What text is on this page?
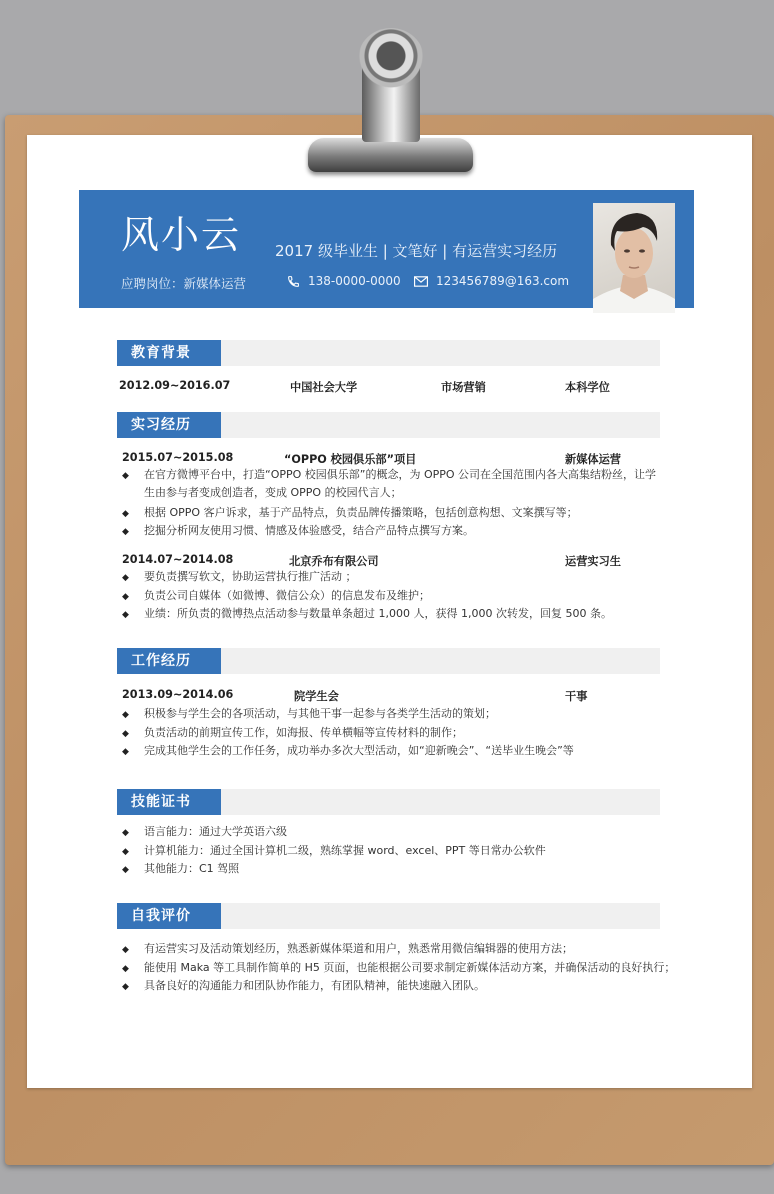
风小云 2017 级毕业生 | 文笔好 | 有运营实习经历
应聘岗位：新媒体运营	138-0000-0000	123456789@163.com
教育背景
2012.09~2016.07	中国社会大学	市场营销	本科学位
实习经历
2015.07~2015.08	“OPPO 校园俱乐部”项目	新媒体运营
◆ 在官方微博平台中，打造“OPPO 校园俱乐部”的概念，为 OPPO 公司在全国范围内各大高集结粉丝，让学
生由参与者变成创造者，变成 OPPO 的校园代言人；
◆ 根据 OPPO 客户诉求，基于产品特点，负责品牌传播策略，包括创意构想、文案撰写等；
◆ 挖掘分析网友使用习惯、情感及体验感受，结合产品特点撰写方案。
2014.07~2014.08	北京乔布有限公司	运营实习生
◆ 要负责撰写软文，协助运营执行推广活动 ；
◆ 负责公司自媒体（如微博、微信公众）的信息发布及维护；
◆ 业绩：所负责的微博热点活动参与数量单条超过 1,000 人，获得 1,000 次转发，回复 500 条。
工作经历
2013.09~2014.06	院学生会	干事
◆ 积极参与学生会的各项活动，与其他干事一起参与各类学生活动的策划；
◆ 负责活动的前期宣传工作，如海报、传单横幅等宣传材料的制作；
◆ 完成其他学生会的工作任务，成功举办多次大型活动，如“迎新晚会”、“送毕业生晚会”等
技能证书
◆ 语言能力：通过大学英语六级
◆ 计算机能力：通过全国计算机二级，熟练掌握 word、excel、PPT 等日常办公软件
◆ 其他能力：C1 驾照
自我评价
◆ 有运营实习及活动策划经历，熟悉新媒体渠道和用户，熟悉常用微信编辑器的使用方法；
◆ 能使用 Maka 等工具制作简单的 H5 页面，也能根据公司要求制定新媒体活动方案，并确保活动的良好执行；
◆ 具备良好的沟通能力和团队协作能力，有团队精神，能快速融入团队。
